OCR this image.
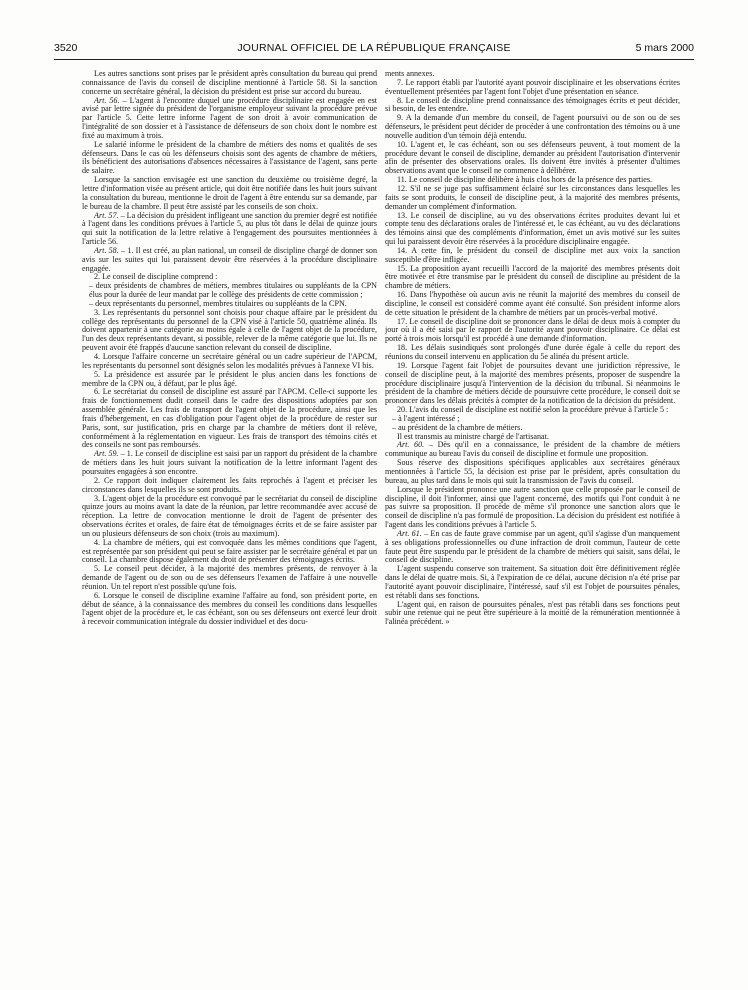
3520	JOURNAL OFFICIEL DE LA RÉPUBLIQUE FRANÇAISE	5 mars 2000

Les autres sanctions sont prises par le président après consultation du bureau qui prend connaissance de l'avis du conseil de discipline mentionné à l'article 58. Si la sanction concerne un secrétaire général, la décision du président est prise sur accord du bureau.

Art. 56. – L'agent à l'encontre duquel une procédure disciplinaire est engagée en est avisé par lettre signée du président de l'organisme employeur suivant la procédure prévue par l'article 5. Cette lettre informe l'agent de son droit à avoir communication de l'intégralité de son dossier et à l'assistance de défenseurs de son choix dont le nombre est fixé au maximum à trois.

Le salarié informe le président de la chambre de métiers des noms et qualités de ses défenseurs. Dans le cas où les défenseurs choisis sont des agents de chambre de métiers, ils bénéficient des autorisations d'absences nécessaires à l'assistance de l'agent, sans perte de salaire.

Lorsque la sanction envisagée est une sanction du deuxième ou troisième degré, la lettre d'information visée au présent article, qui doit être notifiée dans les huit jours suivant la consultation du bureau, mentionne le droit de l'agent à être entendu sur sa demande, par le bureau de la chambre. Il peut être assisté par les conseils de son choix.

Art. 57. – La décision du président infligeant une sanction du premier degré est notifiée à l'agent dans les conditions prévues à l'article 5, au plus tôt dans le délai de quinze jours qui suit la notification de la lettre relative à l'engagement des poursuites mentionnées à l'article 56.

Art. 58. – 1. Il est créé, au plan national, un conseil de discipline chargé de donner son avis sur les suites qui lui paraissent devoir être réservées à la procédure disciplinaire engagée.

2. Le conseil de discipline comprend :

– deux présidents de chambres de métiers, membres titulaires ou suppléants de la CPN élus pour la durée de leur mandat par le collège des présidents de cette commission ;

– deux représentants du personnel, membres titulaires ou suppléants de la CPN.

3. Les représentants du personnel sont choisis pour chaque affaire par le président du collège des représentants du personnel de la CPN visé à l'article 50, quatrième alinéa. Ils doivent appartenir à une catégorie au moins égale à celle de l'agent objet de la procédure, l'un des deux représentants devant, si possible, relever de la même catégorie que lui. Ils ne peuvent avoir été frappés d'aucune sanction relevant du conseil de discipline.

4. Lorsque l'affaire concerne un secrétaire général ou un cadre supérieur de l'APCM, les représentants du personnel sont désignés selon les modalités prévues à l'annexe VI bis.

5. La présidence est assurée par le président le plus ancien dans les fonctions de membre de la CPN ou, à défaut, par le plus âgé.

6. Le secrétariat du conseil de discipline est assuré par l'APCM. Celle-ci supporte les frais de fonctionnement dudit conseil dans le cadre des dispositions adoptées par son assemblée générale. Les frais de transport de l'agent objet de la procédure, ainsi que les frais d'hébergement, en cas d'obligation pour l'agent objet de la procédure de rester sur Paris, sont, sur justification, pris en charge par la chambre de métiers dont il relève, conformément à la réglementation en vigueur. Les frais de transport des témoins cités et des conseils ne sont pas remboursés.

Art. 59. – 1. Le conseil de discipline est saisi par un rapport du président de la chambre de métiers dans les huit jours suivant la notification de la lettre informant l'agent des poursuites engagées à son encontre.

2. Ce rapport doit indiquer clairement les faits reprochés à l'agent et préciser les circonstances dans lesquelles ils se sont produits.

3. L'agent objet de la procédure est convoqué par le secrétariat du conseil de discipline quinze jours au moins avant la date de la réunion, par lettre recommandée avec accusé de réception. La lettre de convocation mentionne le droit de l'agent de présenter des observations écrites et orales, de faire état de témoignages écrits et de se faire assister par un ou plusieurs défenseurs de son choix (trois au maximum).

4. La chambre de métiers, qui est convoquée dans les mêmes conditions que l'agent, est représentée par son président qui peut se faire assister par le secrétaire général et par un conseil. La chambre dispose également du droit de présenter des témoignages écrits.

5. Le conseil peut décider, à la majorité des membres présents, de renvoyer à la demande de l'agent ou de son ou de ses défenseurs l'examen de l'affaire à une nouvelle réunion. Un tel report n'est possible qu'une fois.

6. Lorsque le conseil de discipline examine l'affaire au fond, son président porte, en début de séance, à la connaissance des membres du conseil les conditions dans lesquelles l'agent objet de la procédure et, le cas échéant, son ou ses défenseurs ont exercé leur droit à recevoir communication intégrale du dossier individuel et des docu-

ments annexes.

7. Le rapport établi par l'autorité ayant pouvoir disciplinaire et les observations écrites éventuellement présentées par l'agent font l'objet d'une présentation en séance.

8. Le conseil de discipline prend connaissance des témoignages écrits et peut décider, si besoin, de les entendre.

9. A la demande d'un membre du conseil, de l'agent poursuivi ou de son ou de ses défenseurs, le président peut décider de procéder à une confrontation des témoins ou à une nouvelle audition d'un témoin déjà entendu.

10. L'agent et, le cas échéant, son ou ses défenseurs peuvent, à tout moment de la procédure devant le conseil de discipline, demander au président l'autorisation d'intervenir afin de présenter des observations orales. Ils doivent être invités à présenter d'ultimes observations avant que le conseil ne commence à délibérer.

11. Le conseil de discipline délibère à huis clos hors de la présence des parties.

12. S'il ne se juge pas suffisamment éclairé sur les circonstances dans lesquelles les faits se sont produits, le conseil de discipline peut, à la majorité des membres présents, demander un complément d'information.

13. Le conseil de discipline, au vu des observations écrites produites devant lui et compte tenu des déclarations orales de l'intéressé et, le cas échéant, au vu des déclarations des témoins ainsi que des compléments d'information, émet un avis motivé sur les suites qui lui paraissent devoir être réservées à la procédure disciplinaire engagée.

14. A cette fin, le président du conseil de discipline met aux voix la sanction susceptible d'être infligée.

15. La proposition ayant recueilli l'accord de la majorité des membres présents doit être motivée et être transmise par le président du conseil de discipline au président de la chambre de métiers.

16. Dans l'hypothèse où aucun avis ne réunit la majorité des membres du conseil de discipline, le conseil est considéré comme ayant été consulté. Son président informe alors de cette situation le président de la chambre de métiers par un procès-verbal motivé.

17. Le conseil de discipline doit se prononcer dans le délai de deux mois à compter du jour où il a été saisi par le rapport de l'autorité ayant pouvoir disciplinaire. Ce délai est porté à trois mois lorsqu'il est procédé à une demande d'information.

18. Les délais susindiqués sont prolongés d'une durée égale à celle du report des réunions du conseil intervenu en application du 5e alinéa du présent article.

19. Lorsque l'agent fait l'objet de poursuites devant une juridiction répressive, le conseil de discipline peut, à la majorité des membres présents, proposer de suspendre la procédure disciplinaire jusqu'à l'intervention de la décision du tribunal. Si néanmoins le président de la chambre de métiers décide de poursuivre cette procédure, le conseil doit se prononcer dans les délais précités à compter de la notification de la décision du président.

20. L'avis du conseil de discipline est notifié selon la procédure prévue à l'article 5 :

– à l'agent intéressé ;

– au président de la chambre de métiers.

Il est transmis au ministre chargé de l'artisanat.

Art. 60. – Dès qu'il en a connaissance, le président de la chambre de métiers communique au bureau l'avis du conseil de discipline et formule une proposition.

Sous réserve des dispositions spécifiques applicables aux secrétaires généraux mentionnées à l'article 55, la décision est prise par le président, après consultation du bureau, au plus tard dans le mois qui suit la transmission de l'avis du conseil.

Lorsque le président prononce une autre sanction que celle proposée par le conseil de discipline, il doit l'informer, ainsi que l'agent concerné, des motifs qui l'ont conduit à ne pas suivre sa proposition. Il procède de même s'il prononce une sanction alors que le conseil de discipline n'a pas formulé de proposition. La décision du président est notifiée à l'agent dans les conditions prévues à l'article 5.

Art. 61. – En cas de faute grave commise par un agent, qu'il s'agisse d'un manquement à ses obligations professionnelles ou d'une infraction de droit commun, l'auteur de cette faute peut être suspendu par le président de la chambre de métiers qui saisit, sans délai, le conseil de discipline.

L'agent suspendu conserve son traitement. Sa situation doit être définitivement réglée dans le délai de quatre mois. Si, à l'expiration de ce délai, aucune décision n'a été prise par l'autorité ayant pouvoir disciplinaire, l'intéressé, sauf s'il est l'objet de poursuites pénales, est rétabli dans ses fonctions.

L'agent qui, en raison de poursuites pénales, n'est pas rétabli dans ses fonctions peut subir une retenue qui ne peut être supérieure à la moitié de la rémunération mentionnée à l'alinéa précédent. »
